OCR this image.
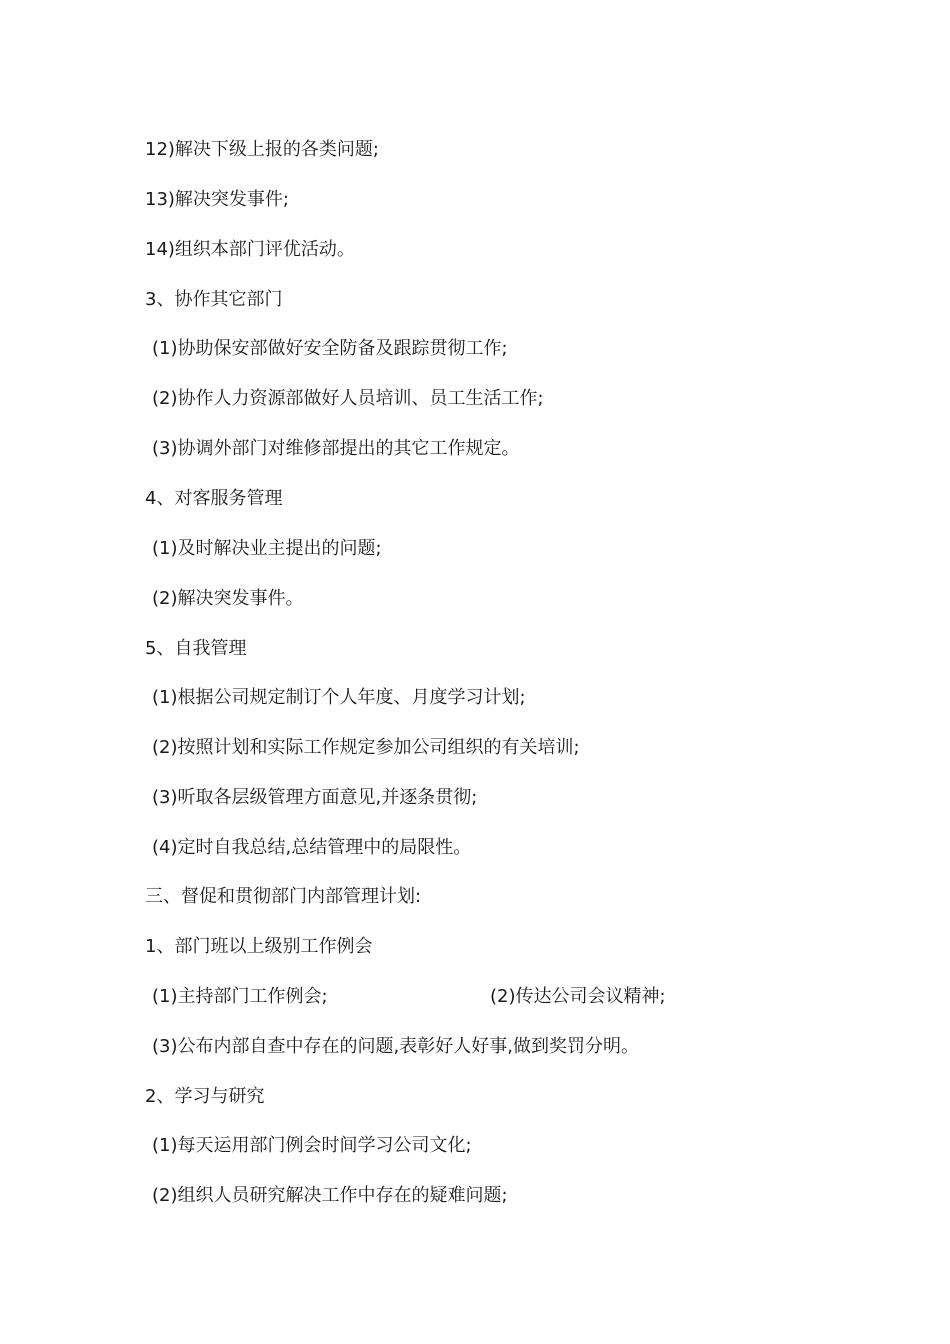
12)解决下级上报的各类问题;
13)解决突发事件;
14)组织本部门评优活动。
3、协作其它部门
(1)协助保安部做好安全防备及跟踪贯彻工作;
(2)协作人力资源部做好人员培训、员工生活工作;
(3)协调外部门对维修部提出的其它工作规定。
4、对客服务管理
(1)及时解决业主提出的问题;
(2)解决突发事件。
5、自我管理
(1)根据公司规定制订个人年度、月度学习计划;
(2)按照计划和实际工作规定参加公司组织的有关培训;
(3)听取各层级管理方面意见,并逐条贯彻;
(4)定时自我总结,总结管理中的局限性。
三、督促和贯彻部门内部管理计划:
1、部门班以上级别工作例会
(1)主持部门工作例会;	(2)传达公司会议精神;
(3)公布内部自查中存在的问题,表彰好人好事,做到奖罚分明。
2、学习与研究
(1)每天运用部门例会时间学习公司文化;
(2)组织人员研究解决工作中存在的疑难问题;
